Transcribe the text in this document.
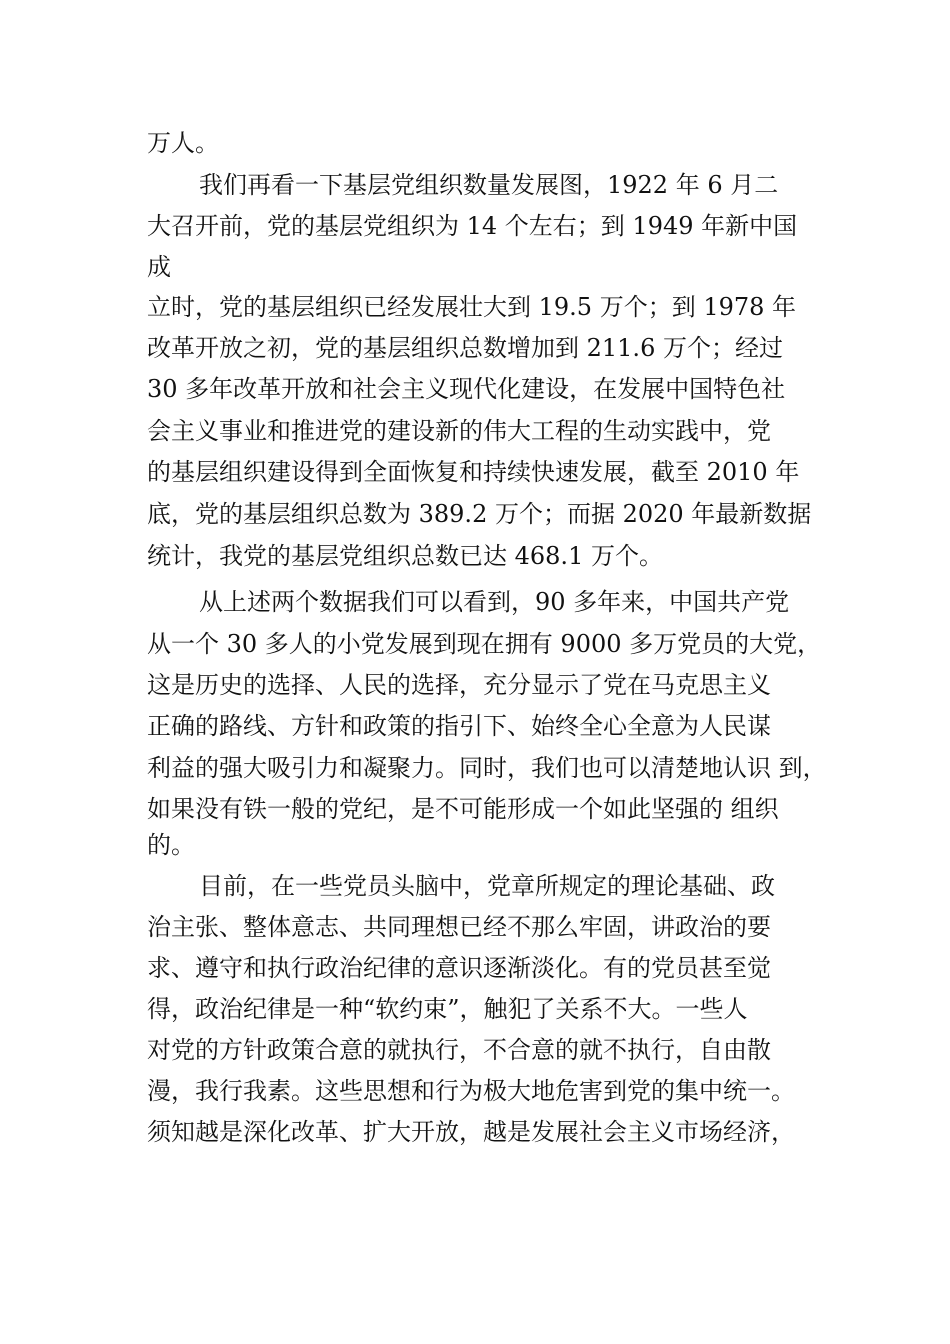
万人。
我们再看一下基层党组织数量发展图，1922 年 6 月二
大召开前，党的基层党组织为 14 个左右；到 1949 年新中国
成
立时，党的基层组织已经发展壮大到 19.5 万个；到 1978 年
改革开放之初，党的基层组织总数增加到 211.6 万个；经过
30 多年改革开放和社会主义现代化建设，在发展中国特色社
会主义事业和推进党的建设新的伟大工程的生动实践中，党
的基层组织建设得到全面恢复和持续快速发展，截至 2010 年
底，党的基层组织总数为 389.2 万个；而据 2020 年最新数据
统计，我党的基层党组织总数已达 468.1 万个。
从上述两个数据我们可以看到，90 多年来，中国共产党
从一个 30 多人的小党发展到现在拥有 9000 多万党员的大党，
这是历史的选择、人民的选择，充分显示了党在马克思主义
正确的路线、方针和政策的指引下、始终全心全意为人民谋
利益的强大吸引力和凝聚力。同时，我们也可以清楚地认识 到，
如果没有铁一般的党纪，是不可能形成一个如此坚强的 组织
的。
目前，在一些党员头脑中，党章所规定的理论基础、政
治主张、整体意志、共同理想已经不那么牢固，讲政治的要
求、遵守和执行政治纪律的意识逐渐淡化。有的党员甚至觉
得，政治纪律是一种“软约束”，触犯了关系不大。一些人
对党的方针政策合意的就执行，不合意的就不执行，自由散
漫，我行我素。这些思想和行为极大地危害到党的集中统一。
须知越是深化改革、扩大开放，越是发展社会主义市场经济，
